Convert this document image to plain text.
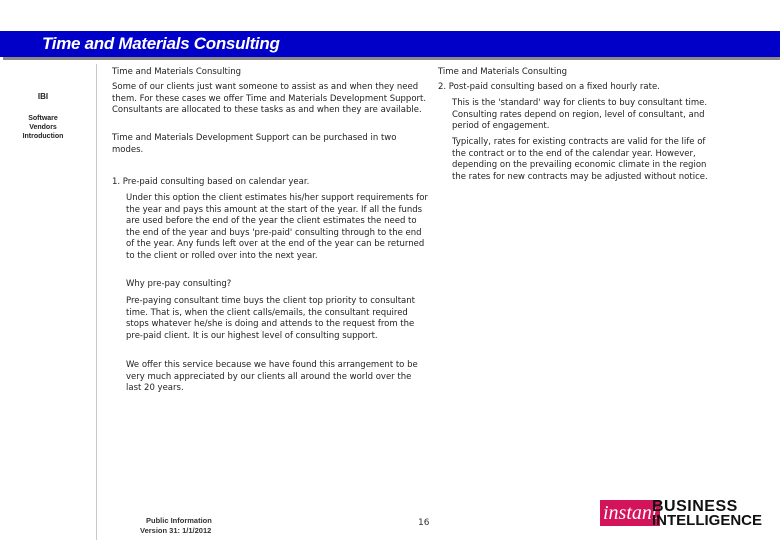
Time and Materials Consulting
IBI
Software
Vendors
Introduction
Time and Materials Consulting

Some of our clients just want someone to assist as and when they need them. For these cases we offer Time and Materials Development Support. Consultants are allocated to these tasks as and when they are available.

Time and Materials Development Support can be purchased in two modes.

1. Pre-paid consulting based on calendar year.

Under this option the client estimates his/her support requirements for the year and pays this amount at the start of the year. If all the funds are used before the end of the year the client estimates the need to the end of the year and buys 'pre-paid' consulting through to the end of the year. Any funds left over at the end of the year can be returned to the client or rolled over into the next year.

Why pre-pay consulting?

Pre-paying consultant time buys the client top priority to consultant time. That is, when the client calls/emails, the consultant required stops whatever he/she is doing and attends to the request from the pre-paid client. It is our highest level of consulting support.

We offer this service because we have found this arrangement to be very much appreciated by our clients all around the world over the last 20 years.

Time and Materials Consulting

2. Post-paid consulting based on a fixed hourly rate.

This is the 'standard' way for clients to buy consultant time. Consulting rates depend on region, level of consultant, and period of engagement.

Typically, rates for existing contracts are valid for the life of the contract or to the end of the calendar year. However, depending on the prevailing economic climate in the region the rates for new contracts may be adjusted without notice.

Public Information
Version 31: 1/1/2012
16	instant
BUSINESS
INTELLIGENCE
